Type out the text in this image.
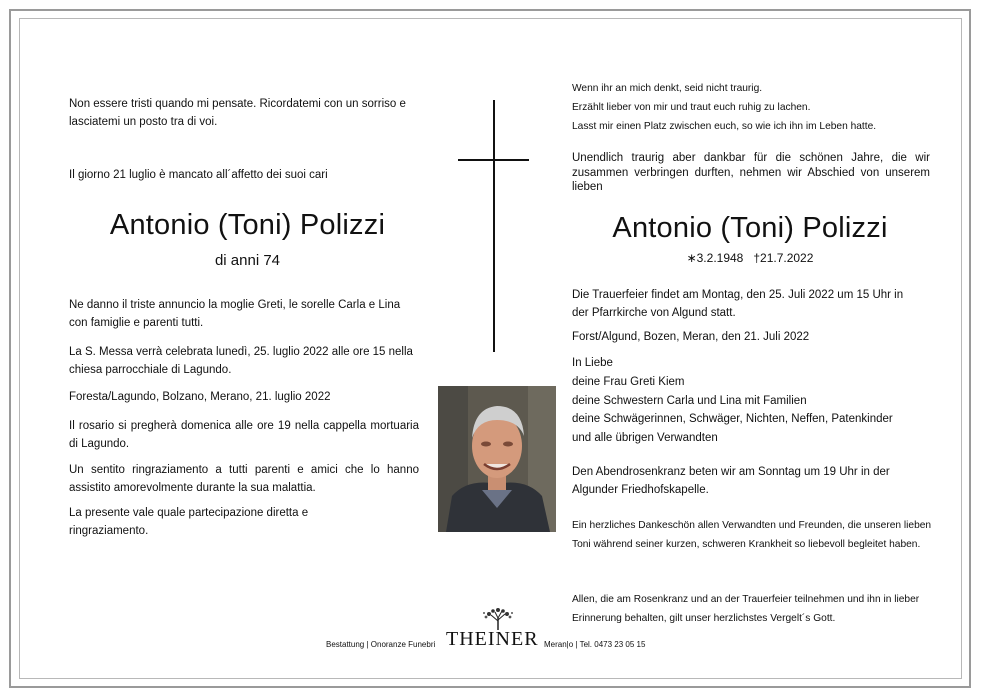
Non essere tristi quando mi pensate. Ricordatemi con un sorriso e lasciatemi un posto tra di voi.

Il giorno 21 luglio è mancato all´affetto dei suoi cari

Antonio (Toni) Polizzi
di anni 74

Ne danno il triste annuncio la moglie Greti, le sorelle Carla e Lina con famiglie e parenti tutti.

La S. Messa verrà celebrata lunedì, 25. luglio 2022 alle ore 15 nella chiesa parrocchiale di Lagundo.

Foresta/Lagundo, Bolzano, Merano, 21. luglio 2022

Il rosario si pregherà domenica alle ore 19 nella cappella mortuaria di Lagundo.

Un sentito ringraziamento a tutti parenti e amici che lo hanno assistito amorevolmente durante la sua malattia.

La presente vale quale partecipazione diretta e ringraziamento.

Wenn ihr an mich denkt, seid nicht traurig.

Erzählt lieber von mir und traut euch ruhig zu lachen.

Lasst mir einen Platz zwischen euch, so wie ich ihn im Leben hatte.

Unendlich traurig aber dankbar für die schönen Jahre, die wir zusammen verbringen durften, nehmen wir Abschied von unserem lieben

Antonio (Toni) Polizzi
∗3.2.1948   †21.7.2022

Die Trauerfeier findet am Montag, den 25. Juli 2022 um 15 Uhr in der Pfarrkirche von Algund statt.

Forst/Algund, Bozen, Meran, den 21. Juli 2022

In Liebe
deine Frau Greti Kiem
deine Schwestern Carla und Lina mit Familien
deine Schwägerinnen, Schwäger, Nichten, Neffen, Patenkinder
und alle übrigen Verwandten

Den Abendrosenkranz beten wir am Sonntag um 19 Uhr in der Algunder Friedhofskapelle.

Ein herzliches Dankeschön allen Verwandten und Freunden, die unseren lieben Toni während seiner kurzen, schweren Krankheit so liebevoll begleitet haben.

Allen, die am Rosenkranz und an der Trauerfeier teilnehmen und ihn in lieber Erinnerung behalten, gilt unser herzlichstes Vergelt´s Gott.

Bestattung | Onoranze Funebri THEINER Meran|o | Tel. 0473 23 05 15
